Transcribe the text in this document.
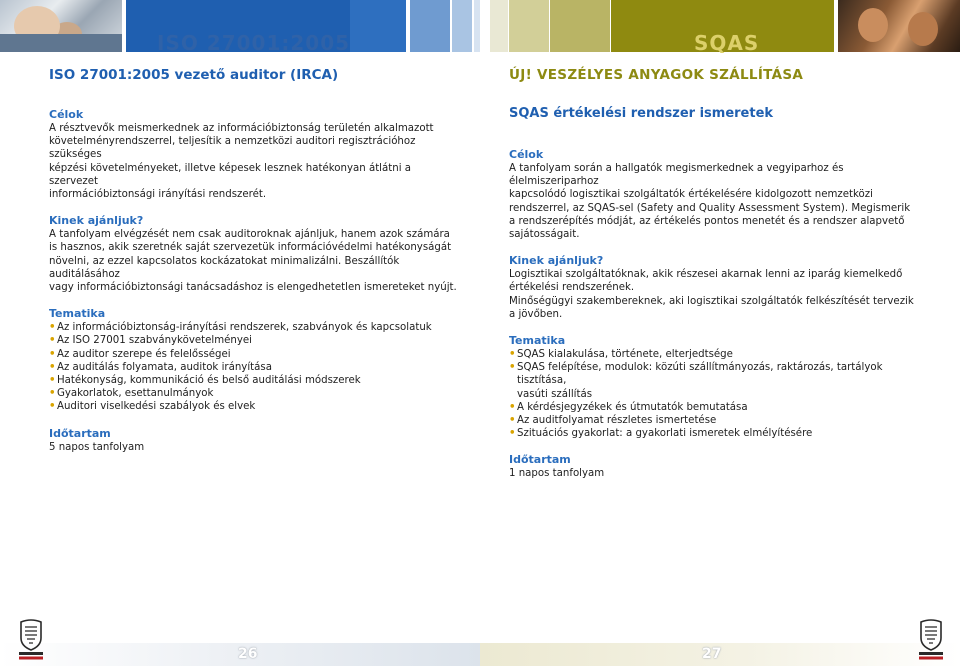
ISO 27001:2005	SQAS
ISO 27001:2005 vezető auditor (IRCA)
Célok
A résztvevők meismerkednek az információbiztonság területén alkalmazott
követelményrendszerrel, teljesítik a nemzetközi auditori regisztrációhoz szükséges
képzési követelményeket, illetve képesek lesznek hatékonyan átlátni a szervezet
információbiztonsági irányítási rendszerét.
Kinek ajánljuk?
A tanfolyam elvégzését nem csak auditoroknak ajánljuk, hanem azok számára
is hasznos, akik szeretnék saját szervezetük információvédelmi hatékonyságát
növelni, az ezzel kapcsolatos kockázatokat minimalizálni. Beszállítók auditálásához
vagy információbiztonsági tanácsadáshoz is elengedhetetlen ismereteket nyújt.
Tematika
• Az információbiztonság-irányítási rendszerek, szabványok és kapcsolatuk
• Az ISO 27001 szabványkövetelményei
• Az auditor szerepe és felelősségei
• Az auditálás folyamata, auditok irányítása
• Hatékonyság, kommunikáció és belső auditálási módszerek
• Gyakorlatok, esettanulmányok
• Auditori viselkedési szabályok és elvek
Időtartam
5 napos tanfolyam
ÚJ! VESZÉLYES ANYAGOK SZÁLLÍTÁSA
SQAS értékelési rendszer ismeretek
Célok
A tanfolyam során a hallgatók megismerkednek a vegyiparhoz és élelmiszeriparhoz
kapcsolódó logisztikai szolgáltatók értékelésére kidolgozott nemzetközi
rendszerrel, az SQAS-sel (Safety and Quality Assessment System). Megismerik
a rendszerépítés módját, az értékelés pontos menetét és a rendszer alapvető
sajátosságait.
Kinek ajánljuk?
Logisztikai szolgáltatóknak, akik részesei akarnak lenni az iparág kiemelkedő
értékelési rendszerének.
Minőségügyi szakembereknek, aki logisztikai szolgáltatók felkészítését tervezik
a jövőben.
Tematika
• SQAS kialakulása, története, elterjedtsége
• SQAS felépítése, modulok: közúti szállítmányozás, raktározás, tartályok tisztítása,
vasúti szállítás
• A kérdésjegyzékek és útmutatók bemutatása
• Az auditfolyamat részletes ismertetése
• Szituációs gyakorlat: a gyakorlati ismeretek elmélyítésére
Időtartam
1 napos tanfolyam
26	27
